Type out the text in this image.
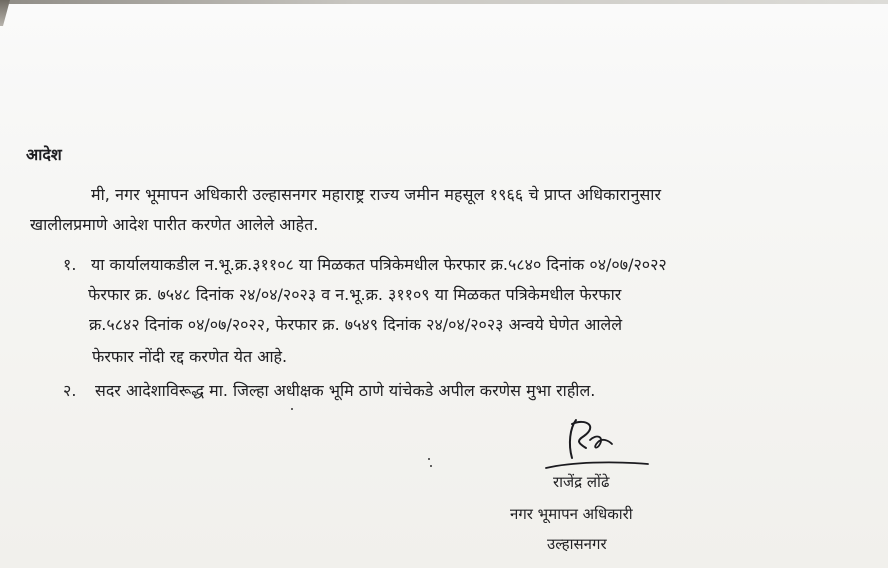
आदेश
मी, नगर भूमापन अधिकारी उल्हासनगर महाराष्ट्र राज्य जमीन महसूल १९६६ चे प्राप्त अधिकारानुसार
खालीलप्रमाणे आदेश पारीत करणेत आलेले आहेत.
१. या कार्यालयाकडील न.भू.क्र.३११०८ या मिळकत पत्रिकेमधील फेरफार क्र.५८४० दिनांक ०४/०७/२०२२
फेरफार क्र. ७५४८ दिनांक २४/०४/२०२३ व न.भू.क्र. ३११०९ या मिळकत पत्रिकेमधील फेरफार
क्र.५८४२ दिनांक ०४/०७/२०२२, फेरफार क्र. ७५४९ दिनांक २४/०४/२०२३ अन्वये घेणेत आलेले
फेरफार नोंदी रद्द करणेत येत आहे.
२. सदर आदेशाविरूद्ध मा. जिल्हा अधीक्षक भूमि ठाणे यांचेकडे अपील करणेस मुभा राहील.
राजेंद्र लोंढे
नगर भूमापन अधिकारी
उल्हासनगर
